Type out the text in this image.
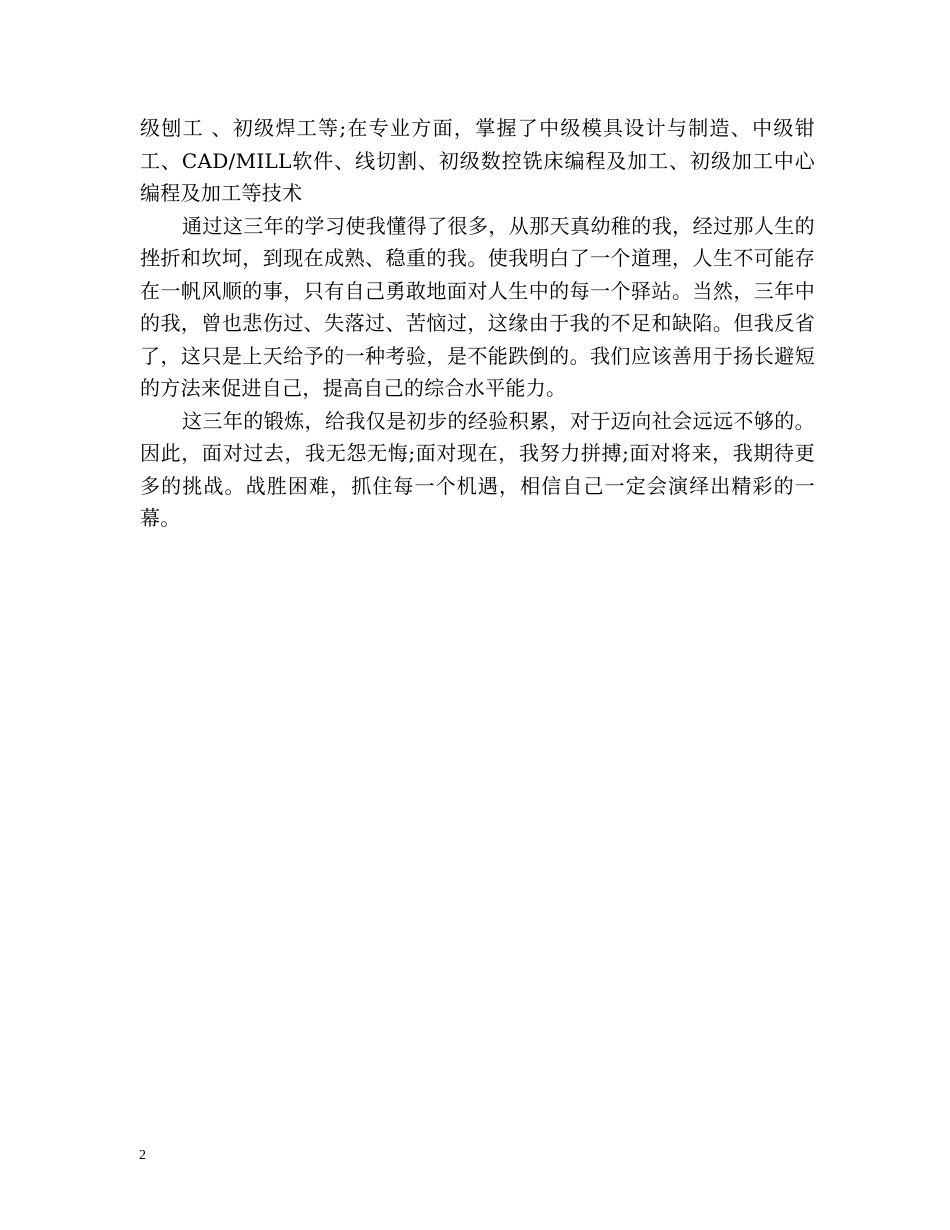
级刨工 、初级焊工等;在专业方面，掌握了中级模具设计与制造、中级钳工、CAD/MILL软件、线切割、初级数控铣床编程及加工、初级加工中心编程及加工等技术

通过这三年的学习使我懂得了很多，从那天真幼稚的我，经过那人生的挫折和坎坷，到现在成熟、稳重的我。使我明白了一个道理，人生不可能存在一帆风顺的事，只有自己勇敢地面对人生中的每一个驿站。当然，三年中的我，曾也悲伤过、失落过、苦恼过，这缘由于我的不足和缺陷。但我反省了，这只是上天给予的一种考验，是不能跌倒的。我们应该善用于扬长避短的方法来促进自己，提高自己的综合水平能力。

这三年的锻炼，给我仅是初步的经验积累，对于迈向社会远远不够的。因此，面对过去，我无怨无悔;面对现在，我努力拼搏;面对将来，我期待更多的挑战。战胜困难，抓住每一个机遇，相信自己一定会演绎出精彩的一幕。

2
